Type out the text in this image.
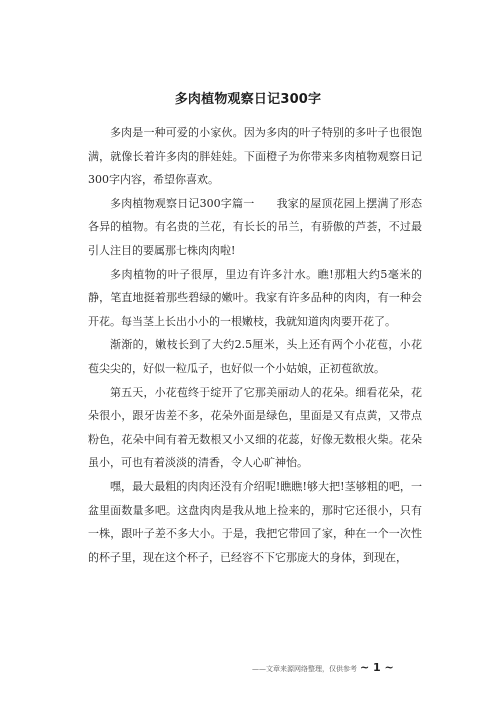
多肉植物观察日记300字

多肉是一种可爱的小家伙。因为多肉的叶子特别的多叶子也很饱满，就像长着许多肉的胖娃娃。下面橙子为你带来多肉植物观察日记300字内容，希望你喜欢。

多肉植物观察日记300字篇一 我家的屋顶花园上摆满了形态各异的植物。有名贵的兰花，有长长的吊兰，有骄傲的芦荟，不过最引人注目的要属那七株肉肉啦!

多肉植物的叶子很厚，里边有许多汁水。瞧!那粗大约5毫米的静，笔直地挺着那些碧绿的嫩叶。我家有许多品种的肉肉，有一种会开花。每当茎上长出小小的一根嫩枝，我就知道肉肉要开花了。

渐渐的，嫩枝长到了大约2.5厘米，头上还有两个小花苞，小花苞尖尖的，好似一粒瓜子，也好似一个小姑娘，正初苞欲放。

第五天，小花苞终于绽开了它那美丽动人的花朵。细看花朵，花朵很小，跟牙齿差不多，花朵外面是绿色，里面是又有点黄，又带点粉色，花朵中间有着无数根又小又细的花蕊，好像无数根火柴。花朵虽小，可也有着淡淡的清香，令人心旷神怡。

嘿，最大最粗的肉肉还没有介绍呢!瞧瞧!够大把!茎够粗的吧，一盆里面数量多吧。这盘肉肉是我从地上捡来的，那时它还很小，只有一株，跟叶子差不多大小。于是，我把它带回了家，种在一个一次性的杯子里，现在这个杯子，已经容不下它那庞大的身体，到现在，

——文章来源网络整理，仅供参考 ~ 1 ~
